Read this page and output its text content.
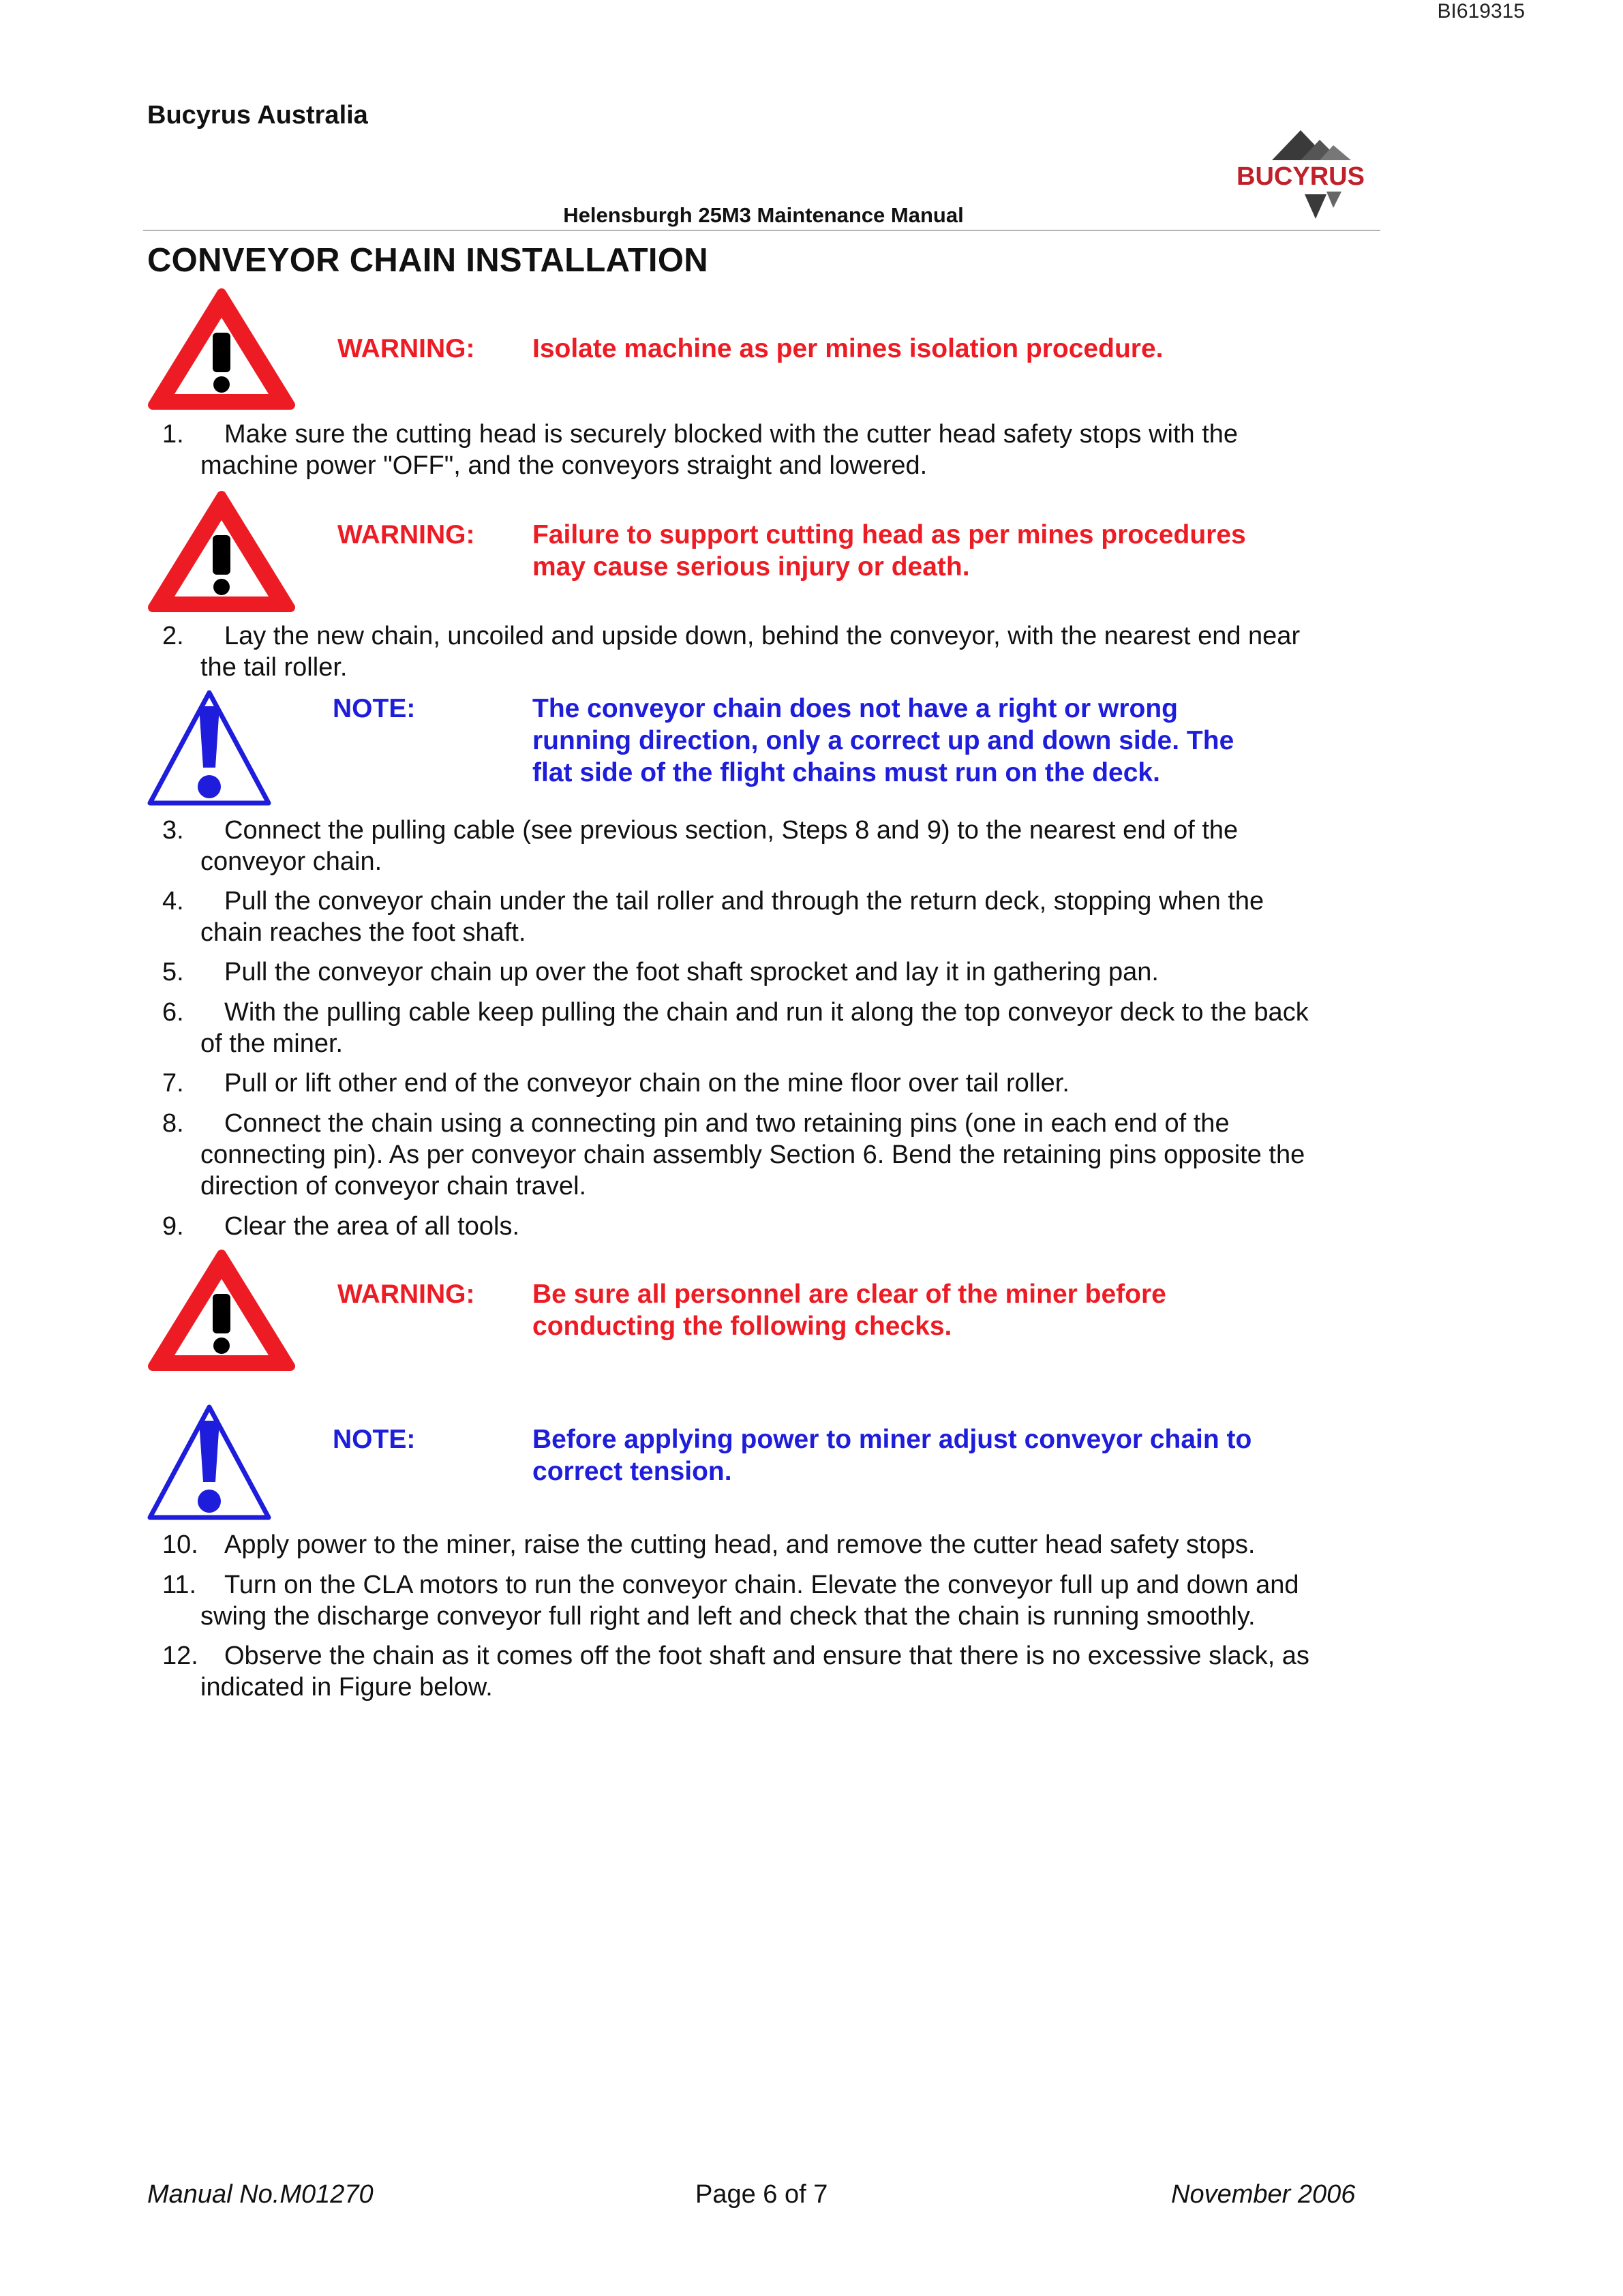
BI619315
Bucyrus Australia
Helensburgh 25M3 Maintenance Manual
BUCYRUS
CONVEYOR CHAIN INSTALLATION
WARNING: Isolate machine as per mines isolation procedure.
1. Make sure the cutting head is securely blocked with the cutter head safety stops with the
machine power "OFF", and the conveyors straight and lowered.
WARNING: Failure to support cutting head as per mines procedures
may cause serious injury or death.
2. Lay the new chain, uncoiled and upside down, behind the conveyor, with the nearest end near
the tail roller.
NOTE:	The conveyor chain does not have a right or wrong
running direction, only a correct up and down side. The
flat side of the flight chains must run on the deck.
3. Connect the pulling cable (see previous section, Steps 8 and 9) to the nearest end of the
conveyor chain.
4. Pull the conveyor chain under the tail roller and through the return deck, stopping when the
chain reaches the foot shaft.
5. Pull the conveyor chain up over the foot shaft sprocket and lay it in gathering pan.
6. With the pulling cable keep pulling the chain and run it along the top conveyor deck to the back
of the miner.
7. Pull or lift other end of the conveyor chain on the mine floor over tail roller.
8. Connect the chain using a connecting pin and two retaining pins (one in each end of the
connecting pin). As per conveyor chain assembly Section 6. Bend the retaining pins opposite the
direction of conveyor chain travel.
9. Clear the area of all tools.
WARNING: Be sure all personnel are clear of the miner before
conducting the following checks.
NOTE:	Before applying power to miner adjust conveyor chain to
correct tension.
10. Apply power to the miner, raise the cutting head, and remove the cutter head safety stops.
11. Turn on the CLA motors to run the conveyor chain. Elevate the conveyor full up and down and
swing the discharge conveyor full right and left and check that the chain is running smoothly.
12. Observe the chain as it comes off the foot shaft and ensure that there is no excessive slack, as
indicated in Figure below.
Manual No.M01270	Page 6 of 7	November 2006
